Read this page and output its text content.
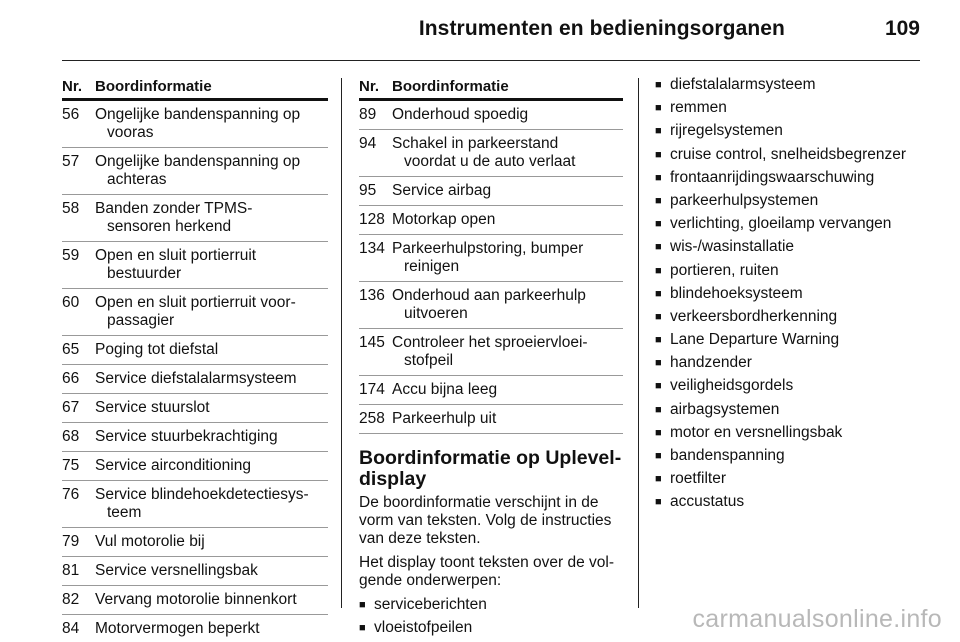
Instrumenten en bedieningsorganen	109
Nr. Boordinformatie
56	Ongelijke bandenspanning op
vooras
57	Ongelijke bandenspanning op
achteras
58	Banden zonder TPMS-
sensoren herkend
59	Open en sluit portierruit
bestuurder
60	Open en sluit portierruit voor-
passagier
65	Poging tot diefstal
66	Service diefstalalarmsysteem
67	Service stuurslot
68	Service stuurbekrachtiging
75	Service airconditioning
76	Service blindehoekdetectiesys-
teem
79	Vul motorolie bij
81	Service versnellingsbak
82	Vervang motorolie binnenkort
84	Motorvermogen beperkt
Nr. Boordinformatie
89	Onderhoud spoedig
94	Schakel in parkeerstand
voordat u de auto verlaat
95	Service airbag
128 Motorkap open
134 Parkeerhulpstoring, bumper
reinigen
136 Onderhoud aan parkeerhulp
uitvoeren
145 Controleer het sproeiervloei-
stofpeil
174 Accu bijna leeg
258 Parkeerhulp uit
Boordinformatie op Uplevel-
display
De boordinformatie verschijnt in de
vorm van teksten. Volg de instructies
van deze teksten.
Het display toont teksten over de vol-
gende onderwerpen:
■ serviceberichten
■ vloeistofpeilen
■ diefstalalarmsysteem
■ remmen
■ rijregelsystemen
■ cruise control, snelheidsbegrenzer
■ frontaanrijdingswaarschuwing
■ parkeerhulpsystemen
■ verlichting, gloeilamp vervangen
■ wis-/wasinstallatie
■ portieren, ruiten
■ blindehoeksysteem
■ verkeersbordherkenning
■ Lane Departure Warning
■ handzender
■ veiligheidsgordels
■ airbagsystemen
■ motor en versnellingsbak
■ bandenspanning
■ roetfilter
■ accustatus
carmanualsonline.info
